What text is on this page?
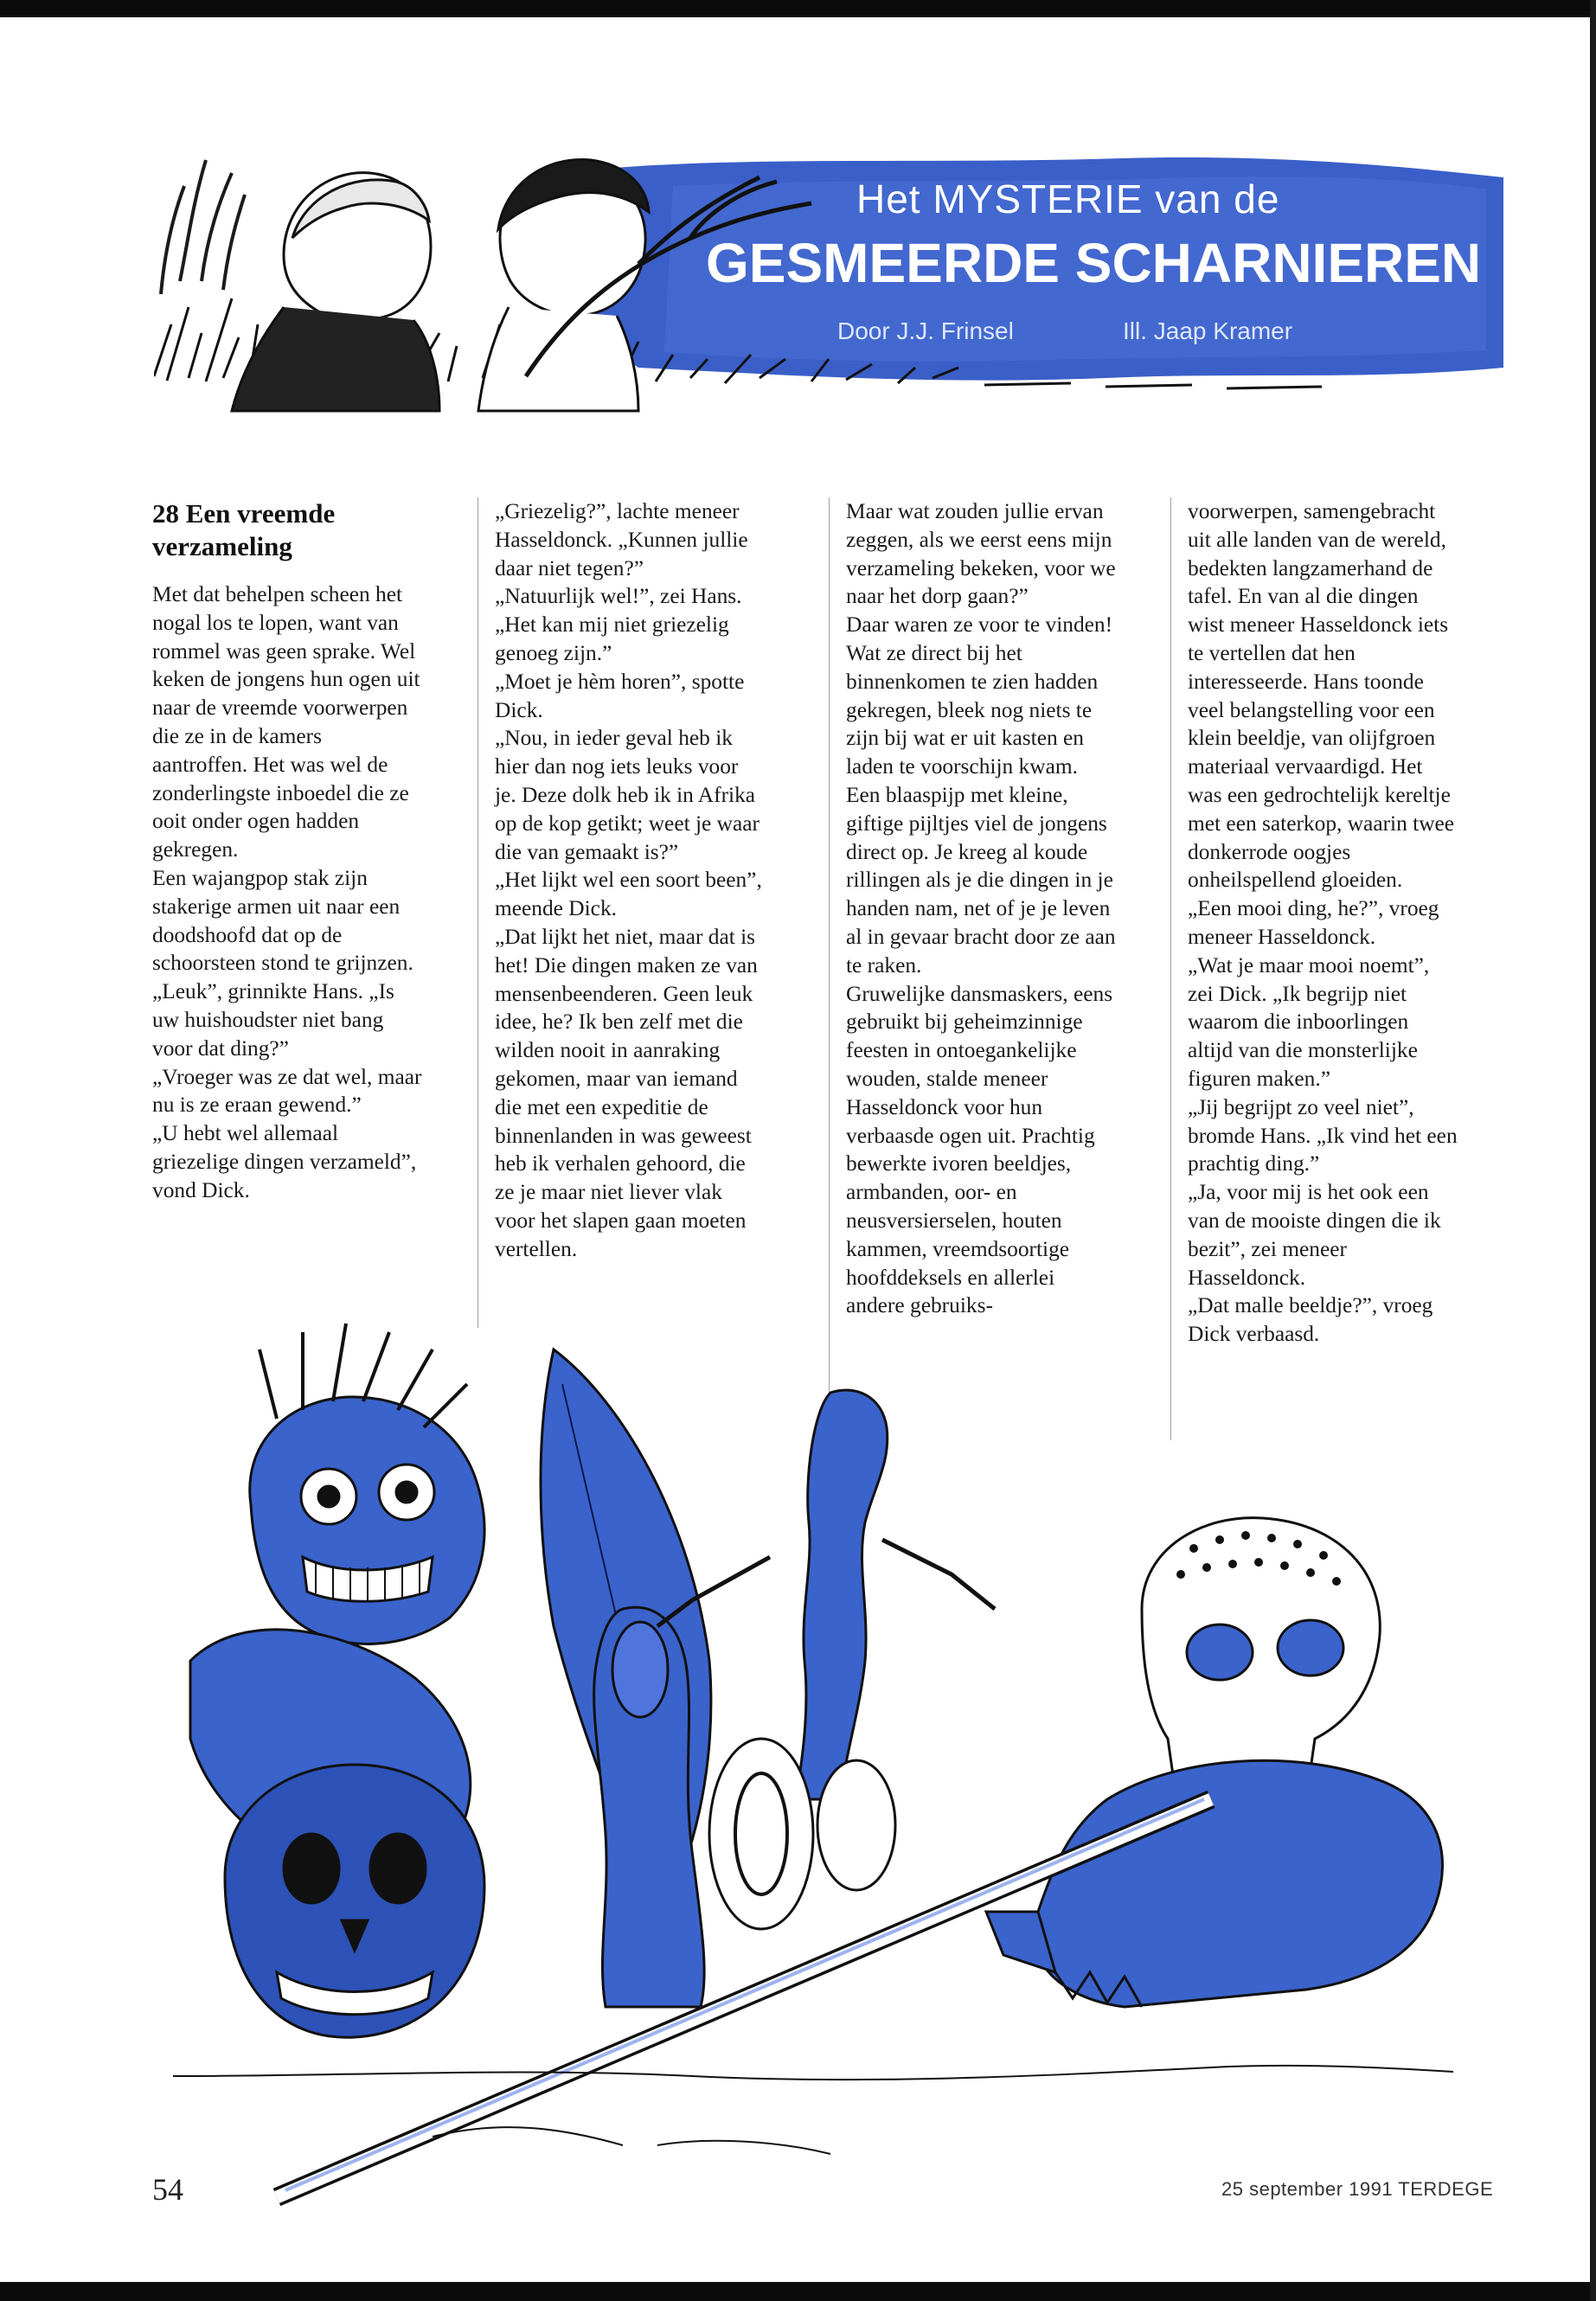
Het MYSTERIE van de
GESMEERDE SCHARNIEREN
Door J.J. Frinsel	Ill. Jaap Kramer
28 Een vreemde
verzameling

Met dat behelpen scheen het nogal los te lopen, want van rommel was geen sprake. Wel keken de jongens hun ogen uit naar de vreemde voorwerpen die ze in de kamers aantroffen. Het was wel de zonderlingste inboedel die ze ooit onder ogen hadden gekregen.
Een wajangpop stak zijn stakerige armen uit naar een doodshoofd dat op de schoorsteen stond te grijnzen.
„Leuk”, grinnikte Hans. „Is uw huishoudster niet bang voor dat ding?”
„Vroeger was ze dat wel, maar nu is ze eraan gewend.”
„U hebt wel allemaal griezelige dingen verzameld”, vond Dick.

„Griezelig?”, lachte meneer Hasseldonck. „Kunnen jullie daar niet tegen?”
„Natuurlijk wel!”, zei Hans. „Het kan mij niet griezelig genoeg zijn.”
„Moet je hèm horen”, spotte Dick.
„Nou, in ieder geval heb ik hier dan nog iets leuks voor je. Deze dolk heb ik in Afrika op de kop getikt; weet je waar die van gemaakt is?”
„Het lijkt wel een soort been”, meende Dick.
„Dat lijkt het niet, maar dat is het! Die dingen maken ze van mensenbeenderen. Geen leuk idee, he? Ik ben zelf met die wilden nooit in aanraking gekomen, maar van iemand die met een expeditie de binnenlanden in was geweest heb ik verhalen gehoord, die ze je maar niet liever vlak voor het slapen gaan moeten vertellen.

Maar wat zouden jullie ervan zeggen, als we eerst eens mijn verzameling bekeken, voor we naar het dorp gaan?”
Daar waren ze voor te vinden!
Wat ze direct bij het binnenkomen te zien hadden gekregen, bleek nog niets te zijn bij wat er uit kasten en laden te voorschijn kwam. Een blaaspijp met kleine, giftige pijltjes viel de jongens direct op. Je kreeg al koude rillingen als je die dingen in je handen nam, net of je je leven al in gevaar bracht door ze aan te raken.
Gruwelijke dansmaskers, eens gebruikt bij geheimzinnige feesten in ontoegankelijke wouden, stalde meneer Hasseldonck voor hun verbaasde ogen uit. Prachtig bewerkte ivoren beeldjes, armbanden, oor- en neusversierselen, houten kammen, vreemdsoortige hoofddeksels en allerlei andere gebruiks-

voorwerpen, samengebracht uit alle landen van de wereld, bedekten langzamerhand de tafel. En van al die dingen wist meneer Hasseldonck iets te vertellen dat hen interesseerde. Hans toonde veel belangstelling voor een klein beeldje, van olijfgroen materiaal vervaardigd. Het was een gedrochtelijk kereltje met een saterkop, waarin twee donkerrode oogjes onheilspellend gloeiden.
„Een mooi ding, he?”, vroeg meneer Hasseldonck.
„Wat je maar mooi noemt”, zei Dick. „Ik begrijp niet waarom die inboorlingen altijd van die monsterlijke figuren maken.”
„Jij begrijpt zo veel niet”, bromde Hans. „Ik vind het een prachtig ding.”
„Ja, voor mij is het ook een van de mooiste dingen die ik bezit”, zei meneer Hasseldonck.
„Dat malle beeldje?”, vroeg Dick verbaasd.

54	25 september 1991 TERDEGE
